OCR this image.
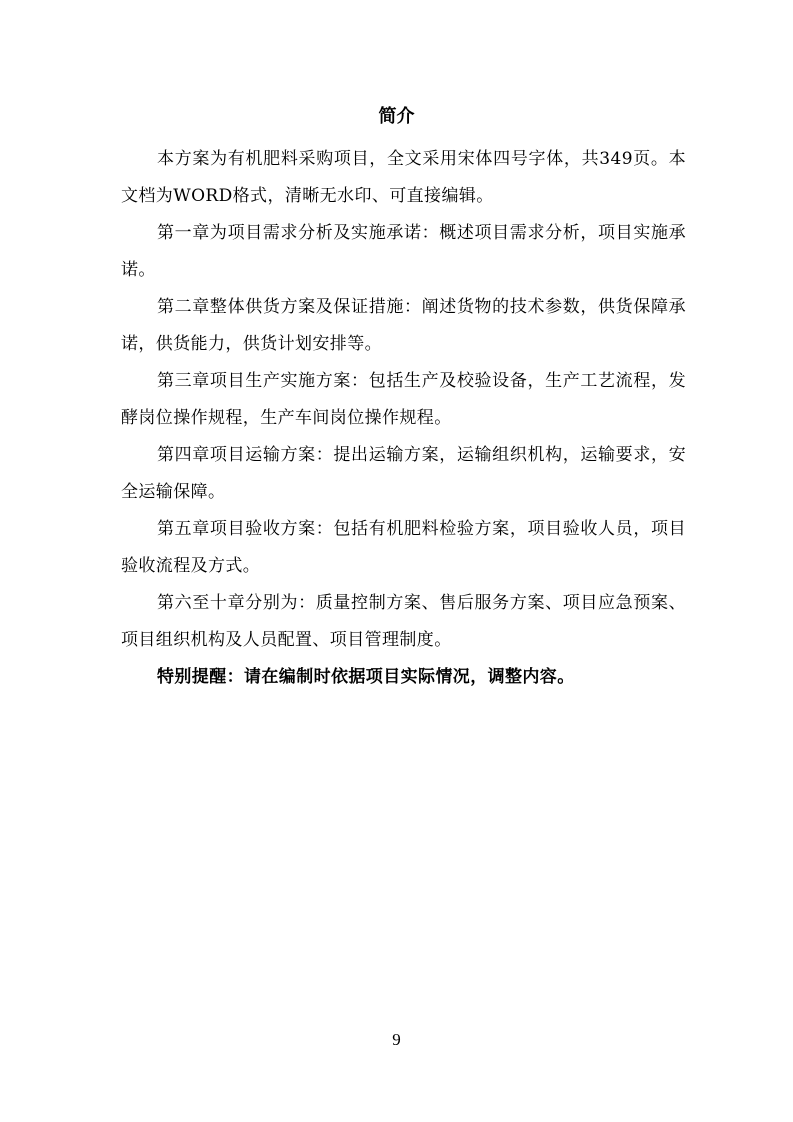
简介

本方案为有机肥料采购项目，全文采用宋体四号字体，共349页。本文档为WORD格式，清晰无水印、可直接编辑。

第一章为项目需求分析及实施承诺：概述项目需求分析，项目实施承诺。

第二章整体供货方案及保证措施：阐述货物的技术参数，供货保障承诺，供货能力，供货计划安排等。

第三章项目生产实施方案：包括生产及校验设备，生产工艺流程，发酵岗位操作规程，生产车间岗位操作规程。

第四章项目运输方案：提出运输方案，运输组织机构，运输要求，安全运输保障。

第五章项目验收方案：包括有机肥料检验方案，项目验收人员，项目验收流程及方式。

第六至十章分别为：质量控制方案、售后服务方案、项目应急预案、项目组织机构及人员配置、项目管理制度。

特别提醒：请在编制时依据项目实际情况，调整内容。

9
